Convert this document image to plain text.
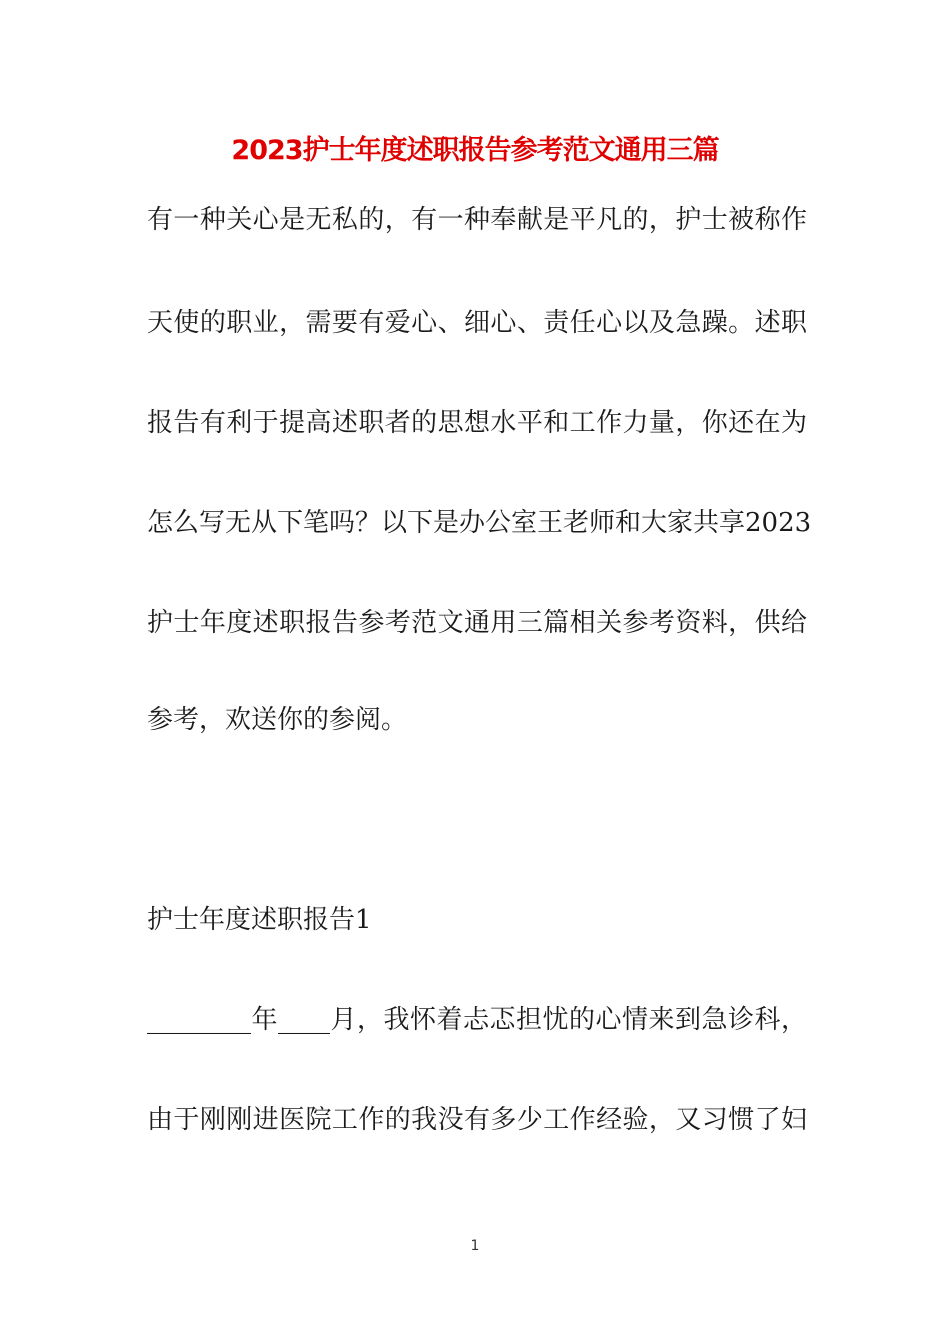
2023护士年度述职报告参考范文通用三篇
有一种关心是无私的，有一种奉献是平凡的，护士被称作
天使的职业，需要有爱心、细心、责任心以及急躁。述职
报告有利于提高述职者的思想水平和工作力量，你还在为
怎么写无从下笔吗？以下是办公室王老师和大家共享2023
护士年度述职报告参考范文通用三篇相关参考资料，供给
参考，欢送你的参阅。
护士年度述职报告1
________年____月，我怀着忐忑担忧的心情来到急诊科，
由于刚刚进医院工作的我没有多少工作经验，又习惯了妇
1
